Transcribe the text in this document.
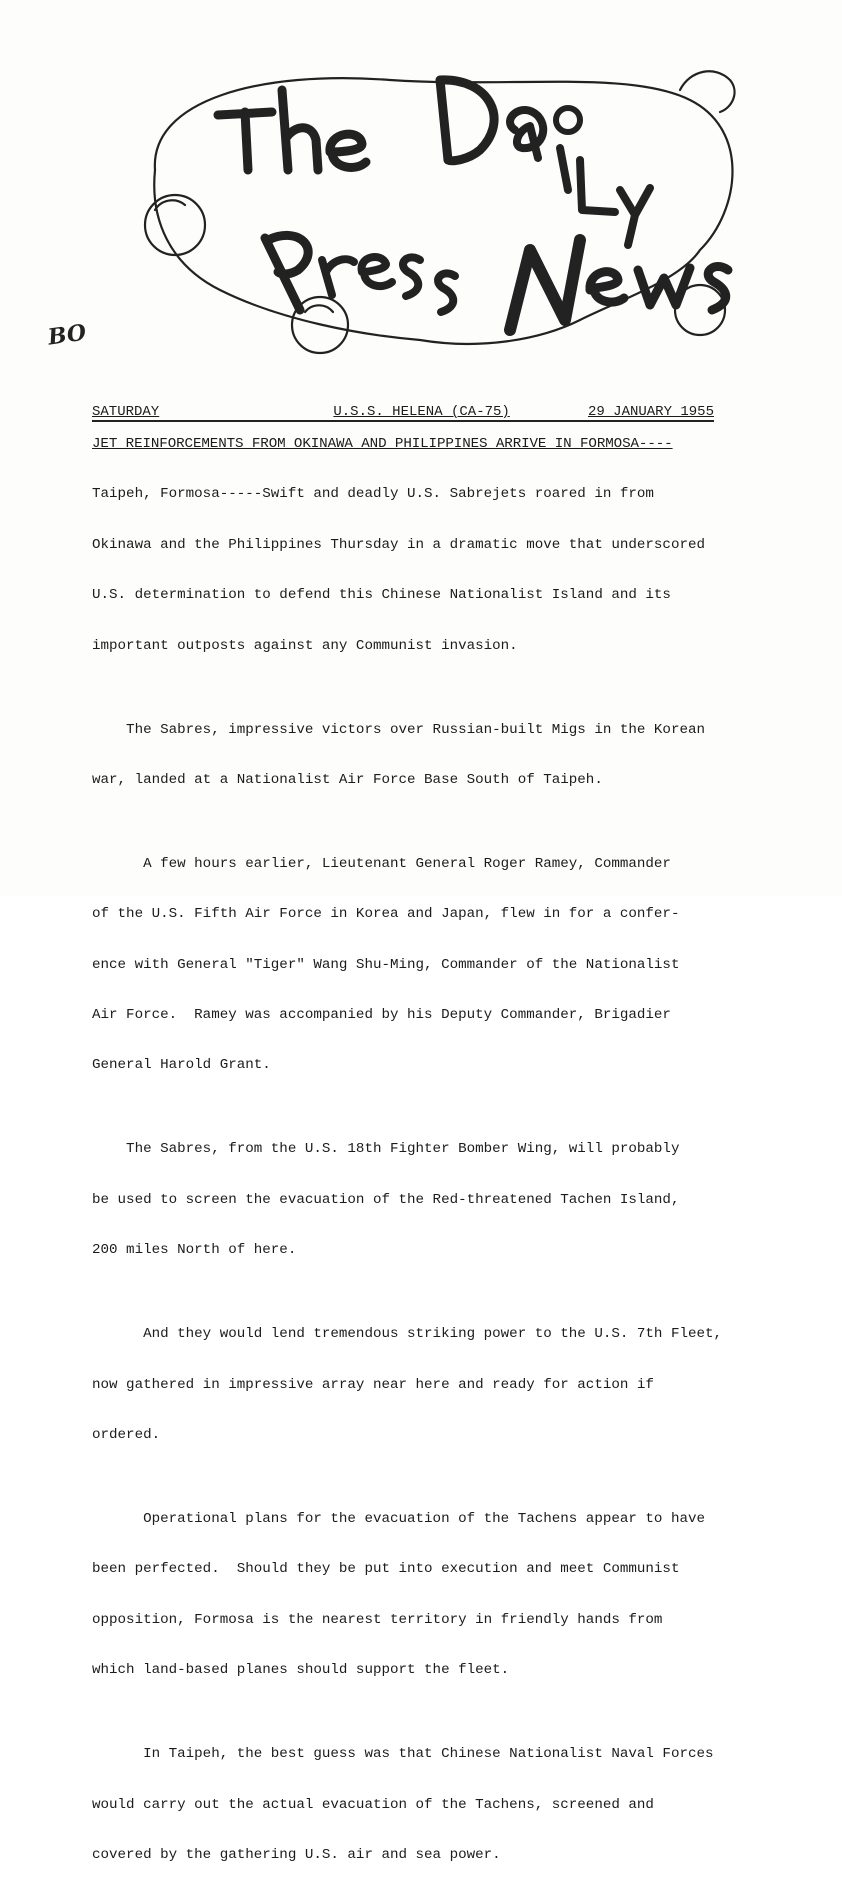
BO
SATURDAY	U.S.S. HELENA (CA-75)	29 JANUARY 1955
JET REINFORCEMENTS FROM OKINAWA AND PHILIPPINES ARRIVE IN FORMOSA----

Taipeh, Formosa-----Swift and deadly U.S. Sabrejets roared in from

Okinawa and the Philippines Thursday in a dramatic move that underscored

U.S. determination to defend this Chinese Nationalist Island and its

important outposts against any Communist invasion.

The Sabres, impressive victors over Russian-built Migs in the Korean

war, landed at a Nationalist Air Force Base South of Taipeh.

A few hours earlier, Lieutenant General Roger Ramey, Commander

of the U.S. Fifth Air Force in Korea and Japan, flew in for a confer-

ence with General "Tiger" Wang Shu-Ming, Commander of the Nationalist

Air Force.  Ramey was accompanied by his Deputy Commander, Brigadier

General Harold Grant.

The Sabres, from the U.S. 18th Fighter Bomber Wing, will probably

be used to screen the evacuation of the Red-threatened Tachen Island,

200 miles North of here.

And they would lend tremendous striking power to the U.S. 7th Fleet,

now gathered in impressive array near here and ready for action if

ordered.

Operational plans for the evacuation of the Tachens appear to have

been perfected.  Should they be put into execution and meet Communist

opposition, Formosa is the nearest territory in friendly hands from

which land-based planes should support the fleet.

In Taipeh, the best guess was that Chinese Nationalist Naval Forces

would carry out the actual evacuation of the Tachens, screened and

covered by the gathering U.S. air and sea power.
